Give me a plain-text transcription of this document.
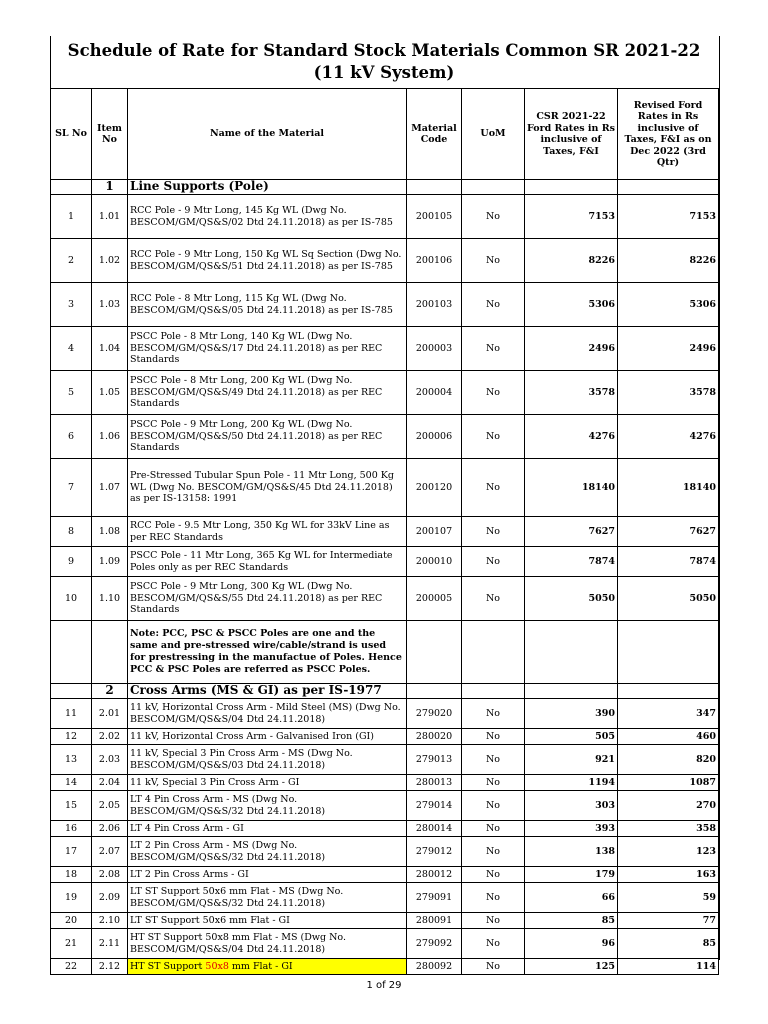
Schedule of Rate for Standard Stock Materials Common SR 2021-22 (11 kV System)
SL No	Item No	Name of the Material	Material Code	UoM	CSR 2021-22 Ford Rates in Rs inclusive of Taxes, F&I	Revised Ford Rates in Rs inclusive of Taxes, F&I as on Dec 2022 (3rd Qtr)
	1	Line Supports (Pole)				
1	1.01	RCC Pole - 9 Mtr Long, 145 Kg WL (Dwg No. BESCOM/GM/QS&S/02 Dtd 24.11.2018) as per IS-785	200105	No	7153	7153
2	1.02	RCC Pole - 9 Mtr Long, 150 Kg WL Sq Section (Dwg No. BESCOM/GM/QS&S/51 Dtd 24.11.2018) as per IS-785	200106	No	8226	8226
3	1.03	RCC Pole - 8 Mtr Long, 115 Kg WL (Dwg No. BESCOM/GM/QS&S/05 Dtd 24.11.2018) as per IS-785	200103	No	5306	5306
4	1.04	PSCC Pole - 8 Mtr Long, 140 Kg WL (Dwg No. BESCOM/GM/QS&S/17 Dtd 24.11.2018) as per REC Standards	200003	No	2496	2496
5	1.05	PSCC Pole - 8 Mtr Long, 200 Kg WL (Dwg No. BESCOM/GM/QS&S/49 Dtd 24.11.2018) as per REC Standards	200004	No	3578	3578
6	1.06	PSCC Pole - 9 Mtr Long, 200 Kg WL (Dwg No. BESCOM/GM/QS&S/50 Dtd 24.11.2018) as per REC Standards	200006	No	4276	4276
7	1.07	Pre-Stressed Tubular Spun Pole - 11 Mtr Long, 500 Kg WL (Dwg No. BESCOM/GM/QS&S/45 Dtd 24.11.2018) as per IS-13158: 1991	200120	No	18140	18140
8	1.08	RCC Pole - 9.5 Mtr Long, 350 Kg WL for 33kV Line as per REC Standards	200107	No	7627	7627
9	1.09	PSCC Pole - 11 Mtr Long, 365 Kg WL for Intermediate Poles only as per REC Standards	200010	No	7874	7874
10	1.10	PSCC Pole - 9 Mtr Long, 300 Kg WL (Dwg No. BESCOM/GM/QS&S/55 Dtd 24.11.2018) as per REC Standards	200005	No	5050	5050
		Note: PCC, PSC & PSCC Poles are one and the same and pre-stressed wire/cable/strand is used for prestressing in the manufactue of Poles. Hence PCC & PSC Poles are referred as PSCC Poles.				
	2	Cross Arms (MS & GI) as per IS-1977				
11	2.01	11 kV, Horizontal Cross Arm - Mild Steel (MS) (Dwg No. BESCOM/GM/QS&S/04 Dtd 24.11.2018)	279020	No	390	347
12	2.02	11 kV, Horizontal Cross Arm - Galvanised Iron (GI)	280020	No	505	460
13	2.03	11 kV, Special 3 Pin Cross Arm - MS (Dwg No. BESCOM/GM/QS&S/03 Dtd 24.11.2018)	279013	No	921	820
14	2.04	11 kV, Special 3 Pin Cross Arm - GI	280013	No	1194	1087
15	2.05	LT 4 Pin Cross Arm - MS (Dwg No. BESCOM/GM/QS&S/32 Dtd 24.11.2018)	279014	No	303	270
16	2.06	LT 4 Pin Cross Arm - GI	280014	No	393	358
17	2.07	LT 2 Pin Cross Arm - MS (Dwg No. BESCOM/GM/QS&S/32 Dtd 24.11.2018)	279012	No	138	123
18	2.08	LT 2 Pin Cross Arms - GI	280012	No	179	163
19	2.09	LT ST Support 50x6 mm Flat - MS (Dwg No. BESCOM/GM/QS&S/32 Dtd 24.11.2018)	279091	No	66	59
20	2.10	LT ST Support 50x6 mm Flat - GI	280091	No	85	77
21	2.11	HT ST Support 50x8 mm Flat - MS (Dwg No. BESCOM/GM/QS&S/04 Dtd 24.11.2018)	279092	No	96	85
22	2.12	HT ST Support 50x8 mm Flat - GI	280092	No	125	114
1 of 29
